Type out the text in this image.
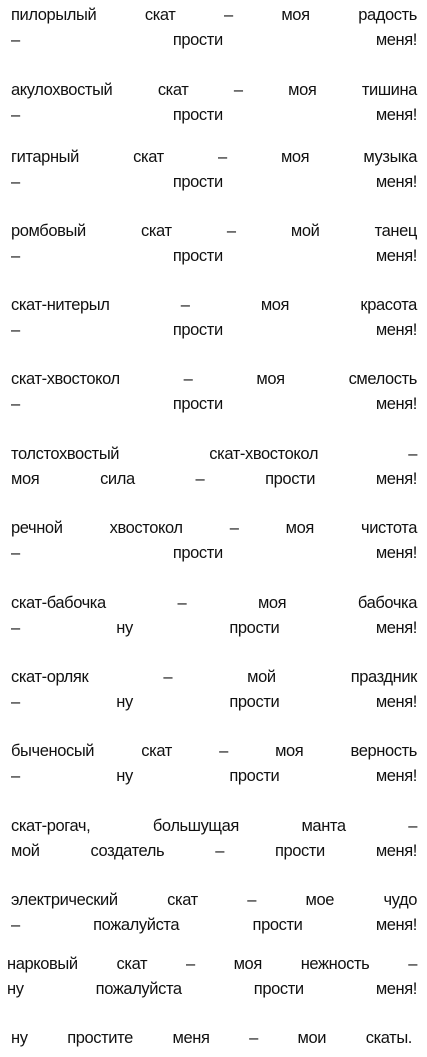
пилорылый	скат	–	моя	радость
–	прости	меня!
акулохвостый	скат	–	моя	тишина
–	прости	меня!
гитарный	скат	–	моя	музыка
–	прости	меня!
ромбовый	скат	–	мой	танец
–	прости	меня!
скат-нитерыл	–	моя	красота
–	прости	меня!
скат-хвостокол	–	моя	смелость
–	прости	меня!
толстохвостый	скат-хвостокол	–
моя	сила	–	прости	меня!
речной	хвостокол	–	моя	чистота
–	прости	меня!
скат-бабочка	–	моя	бабочка
–	ну	прости	меня!
скат-орляк	–	мой	праздник
–	ну	прости	меня!
быченосый	скат	–	моя	верность
–	ну	прости	меня!
скат-рогач,	большущая	манта	–
мой	создатель	–	прости	меня!
электрический	скат	–	мое	чудо
–	пожалуйста	прости	меня!
нарковый скат – моя нежность –
ну	пожалуйста	прости	меня!
ну простите меня – мои скаты.
